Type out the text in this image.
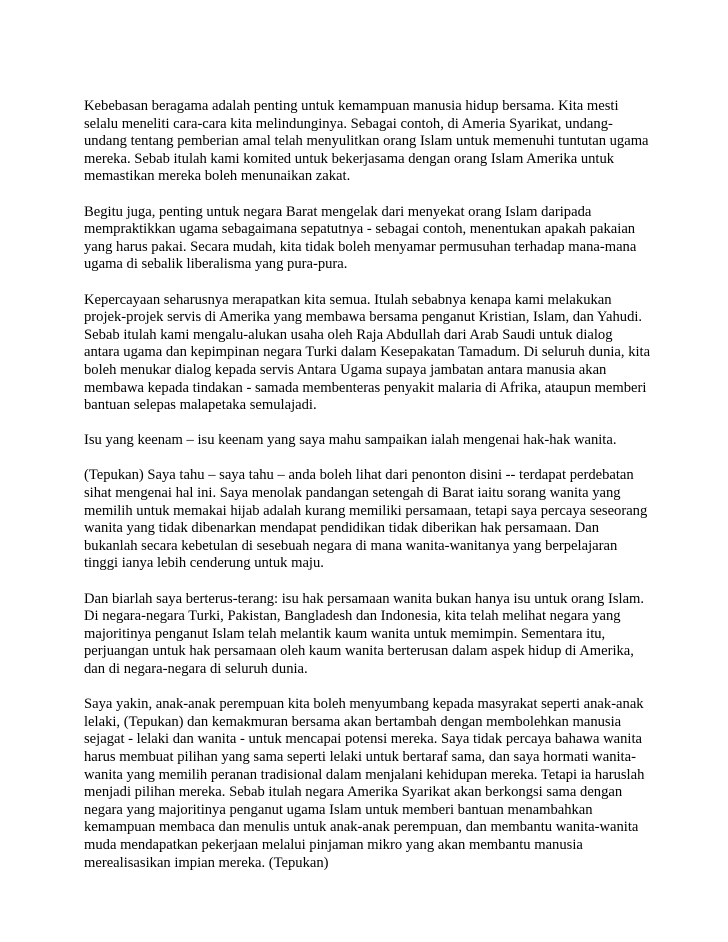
Kebebasan beragama adalah penting untuk kemampuan manusia hidup bersama. Kita mesti
selalu meneliti cara-cara kita melindunginya. Sebagai contoh, di Ameria Syarikat, undang-
undang tentang pemberian amal telah menyulitkan orang Islam untuk memenuhi tuntutan ugama
mereka. Sebab itulah kami komited untuk bekerjasama dengan orang Islam Amerika untuk
memastikan mereka boleh menunaikan zakat.
Begitu juga, penting untuk negara Barat mengelak dari menyekat orang Islam daripada
mempraktikkan ugama sebagaimana sepatutnya - sebagai contoh, menentukan apakah pakaian
yang harus pakai. Secara mudah, kita tidak boleh menyamar permusuhan terhadap mana-mana
ugama di sebalik liberalisma yang pura-pura.
Kepercayaan seharusnya merapatkan kita semua. Itulah sebabnya kenapa kami melakukan
projek-projek servis di Amerika yang membawa bersama penganut Kristian, Islam, dan Yahudi.
Sebab itulah kami mengalu-alukan usaha oleh Raja Abdullah dari Arab Saudi untuk dialog
antara ugama dan kepimpinan negara Turki dalam Kesepakatan Tamadum. Di seluruh dunia, kita
boleh menukar dialog kepada servis Antara Ugama supaya jambatan antara manusia akan
membawa kepada tindakan - samada membenteras penyakit malaria di Afrika, ataupun memberi
bantuan selepas malapetaka semulajadi.
Isu yang keenam – isu keenam yang saya mahu sampaikan ialah mengenai hak-hak wanita.
(Tepukan) Saya tahu – saya tahu – anda boleh lihat dari penonton disini -- terdapat perdebatan
sihat mengenai hal ini. Saya menolak pandangan setengah di Barat iaitu sorang wanita yang
memilih untuk memakai hijab adalah kurang memiliki persamaan, tetapi saya percaya seseorang
wanita yang tidak dibenarkan mendapat pendidikan tidak diberikan hak persamaan. Dan
bukanlah secara kebetulan di sesebuah negara di mana wanita-wanitanya yang berpelajaran
tinggi ianya lebih cenderung untuk maju.
Dan biarlah saya berterus-terang: isu hak persamaan wanita bukan hanya isu untuk orang Islam.
Di negara-negara Turki, Pakistan, Bangladesh dan Indonesia, kita telah melihat negara yang
majoritinya penganut Islam telah melantik kaum wanita untuk memimpin. Sementara itu,
perjuangan untuk hak persamaan oleh kaum wanita berterusan dalam aspek hidup di Amerika,
dan di negara-negara di seluruh dunia.
Saya yakin, anak-anak perempuan kita boleh menyumbang kepada masyrakat seperti anak-anak
lelaki, (Tepukan) dan kemakmuran bersama akan bertambah dengan membolehkan manusia
sejagat - lelaki dan wanita - untuk mencapai potensi mereka. Saya tidak percaya bahawa wanita
harus membuat pilihan yang sama seperti lelaki untuk bertaraf sama, dan saya hormati wanita-
wanita yang memilih peranan tradisional dalam menjalani kehidupan mereka. Tetapi ia haruslah
menjadi pilihan mereka. Sebab itulah negara Amerika Syarikat akan berkongsi sama dengan
negara yang majoritinya penganut ugama Islam untuk memberi bantuan menambahkan
kemampuan membaca dan menulis untuk anak-anak perempuan, dan membantu wanita-wanita
muda mendapatkan pekerjaan melalui pinjaman mikro yang akan membantu manusia
merealisasikan impian mereka. (Tepukan)
